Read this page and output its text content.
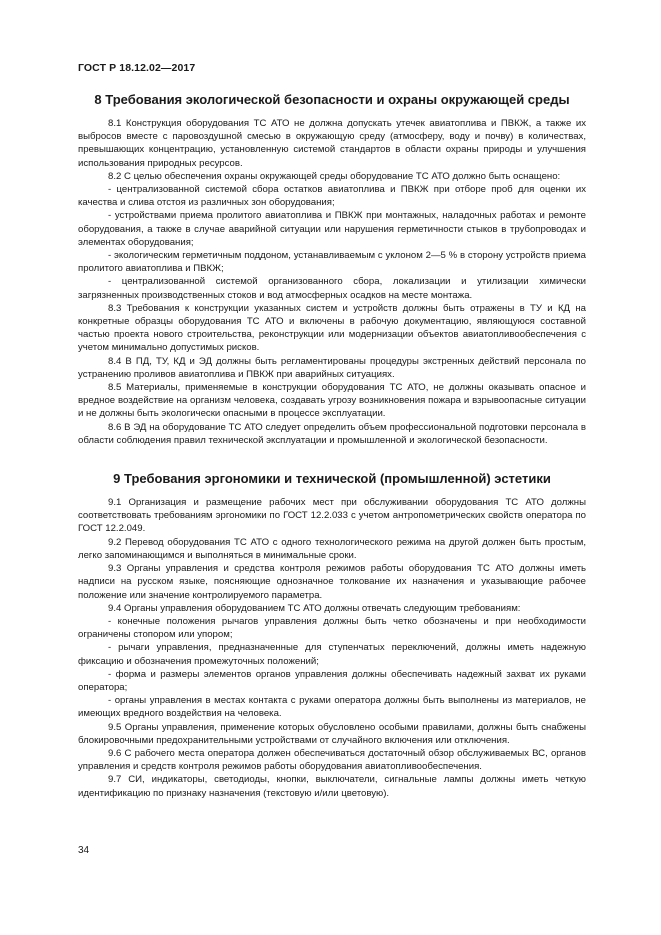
ГОСТ Р 18.12.02—2017
8 Требования экологической безопасности и охраны окружающей среды

8.1 Конструкция оборудования ТС АТО не должна допускать утечек авиатоплива и ПВКЖ, а также их выбросов вместе с паровоздушной смесью в окружающую среду (атмосферу, воду и почву) в количествах, превышающих концентрацию, установленную системой стандартов в области охраны природы и улучшения использования природных ресурсов.

8.2 С целью обеспечения охраны окружающей среды оборудование ТС АТО должно быть оснащено:

- централизованной системой сбора остатков авиатоплива и ПВКЖ при отборе проб для оценки их качества и слива отстоя из различных зон оборудования;

- устройствами приема пролитого авиатоплива и ПВКЖ при монтажных, наладочных работах и ремонте оборудования, а также в случае аварийной ситуации или нарушения герметичности стыков в трубопроводах и элементах оборудования;

- экологическим герметичным поддоном, устанавливаемым с уклоном 2—5 % в сторону устройств приема пролитого авиатоплива и ПВКЖ;

- централизованной системой организованного сбора, локализации и утилизации химически загрязненных производственных стоков и вод атмосферных осадков на месте монтажа.

8.3 Требования к конструкции указанных систем и устройств должны быть отражены в ТУ и КД на конкретные образцы оборудования ТС АТО и включены в рабочую документацию, являющуюся составной частью проекта нового строительства, реконструкции или модернизации объектов авиатопливообеспечения с учетом минимально допустимых рисков.

8.4 В ПД, ТУ, КД и ЭД должны быть регламентированы процедуры экстренных действий персонала по устранению проливов авиатоплива и ПВКЖ при аварийных ситуациях.

8.5 Материалы, применяемые в конструкции оборудования ТС АТО, не должны оказывать опасное и вредное воздействие на организм человека, создавать угрозу возникновения пожара и взрывоопасные ситуации и не должны быть экологически опасными в процессе эксплуатации.

8.6 В ЭД на оборудование ТС АТО следует определить объем профессиональной подготовки персонала в области соблюдения правил технической эксплуатации и промышленной и экологической безопасности.

9 Требования эргономики и технической (промышленной) эстетики

9.1 Организация и размещение рабочих мест при обслуживании оборудования ТС АТО должны соответствовать требованиям эргономики по ГОСТ 12.2.033 с учетом антропометрических свойств оператора по ГОСТ 12.2.049.

9.2 Перевод оборудования ТС АТО с одного технологического режима на другой должен быть простым, легко запоминающимся и выполняться в минимальные сроки.

9.3 Органы управления и средства контроля режимов работы оборудования ТС АТО должны иметь надписи на русском языке, поясняющие однозначное толкование их назначения и указывающие рабочее положение или значение контролируемого параметра.

9.4 Органы управления оборудованием ТС АТО должны отвечать следующим требованиям:

- конечные положения рычагов управления должны быть четко обозначены и при необходимости ограничены стопором или упором;

- рычаги управления, предназначенные для ступенчатых переключений, должны иметь надежную фиксацию и обозначения промежуточных положений;

- форма и размеры элементов органов управления должны обеспечивать надежный захват их руками оператора;

- органы управления в местах контакта с руками оператора должны быть выполнены из материалов, не имеющих вредного воздействия на человека.

9.5 Органы управления, применение которых обусловлено особыми правилами, должны быть снабжены блокировочными предохранительными устройствами от случайного включения или отключения.

9.6 С рабочего места оператора должен обеспечиваться достаточный обзор обслуживаемых ВС, органов управления и средств контроля режимов работы оборудования авиатопливообеспечения.

9.7 СИ, индикаторы, светодиоды, кнопки, выключатели, сигнальные лампы должны иметь четкую идентификацию по признаку назначения (текстовую и/или цветовую).

34
